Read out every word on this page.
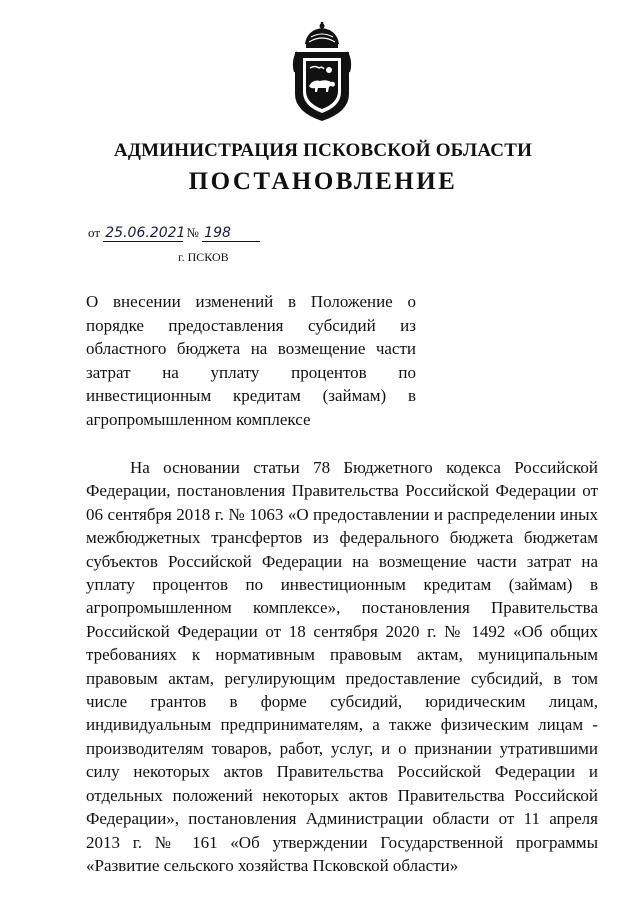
АДМИНИСТРАЦИЯ ПСКОВСКОЙ ОБЛАСТИ
ПОСТАНОВЛЕНИЕ
от 25.06.2021 № 198
г. ПСКОВ
О внесении изменений в Положение о порядке предоставления субсидий из областного бюджета на возмещение части затрат на уплату процентов по инвестиционным кредитам (займам) в агропромышленном комплексе
На основании статьи 78 Бюджетного кодекса Российской Федерации, постановления Правительства Российской Федерации от 06 сентября 2018 г. № 1063 «О предоставлении и распределении иных межбюджетных трансфертов из федерального бюджета бюджетам субъектов Российской Федерации на возмещение части затрат на уплату процентов по инвестиционным кредитам (займам) в агропромышленном комплексе», постановления Правительства Российской Федерации от 18 сентября 2020 г. № 1492 «Об общих требованиях к нормативным правовым актам, муниципальным правовым актам, регулирующим предоставление субсидий, в том числе грантов в форме субсидий, юридическим лицам, индивидуальным предпринимателям, а также физическим лицам - производителям товаров, работ, услуг, и о признании утратившими силу некоторых актов Правительства Российской Федерации и отдельных положений некоторых актов Правительства Российской Федерации», постановления Администрации области от 11 апреля 2013 г. № 161 «Об утверждении Государственной программы «Развитие сельского хозяйства Псковской области»
